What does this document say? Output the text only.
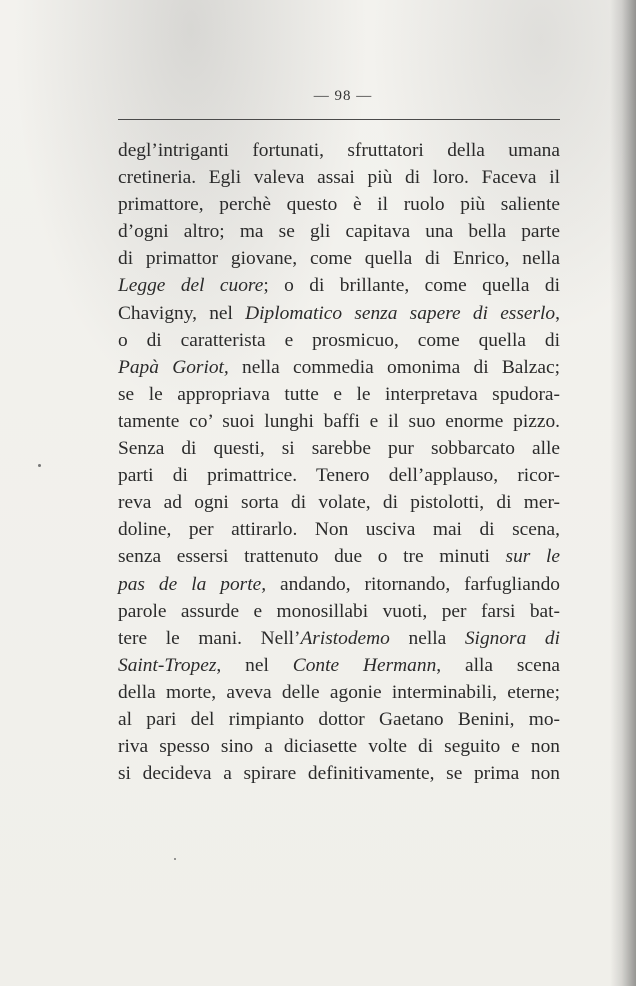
— 98 —
degl’intriganti fortunati, sfruttatori della umana
cretineria. Egli valeva assai più di loro. Faceva il
primattore, perchè questo è il ruolo più saliente
d’ogni altro; ma se gli capitava una bella parte
di primattor giovane, come quella di Enrico, nella
Legge del cuore; o di brillante, come quella di
Chavigny, nel Diplomatico senza sapere di esserlo,
o di caratterista e prosmicuo, come quella di
Papà Goriot, nella commedia omonima di Balzac;
se le appropriava tutte e le interpretava spudora-
tamente co’ suoi lunghi baffi e il suo enorme pizzo.
Senza di questi, si sarebbe pur sobbarcato alle
parti di primattrice. Tenero dell’applauso, ricor-
reva ad ogni sorta di volate, di pistolotti, di mer-
doline, per attirarlo. Non usciva mai di scena,
senza essersi trattenuto due o tre minuti sur le
pas de la porte, andando, ritornando, farfugliando
parole assurde e monosillabi vuoti, per farsi bat-
tere le mani. Nell’Aristodemo nella Signora di
Saint-Tropez, nel Conte Hermann, alla scena
della morte, aveva delle agonie interminabili, eterne;
al pari del rimpianto dottor Gaetano Benini, mo-
riva spesso sino a diciasette volte di seguito e non
si decideva a spirare definitivamente, se prima non
